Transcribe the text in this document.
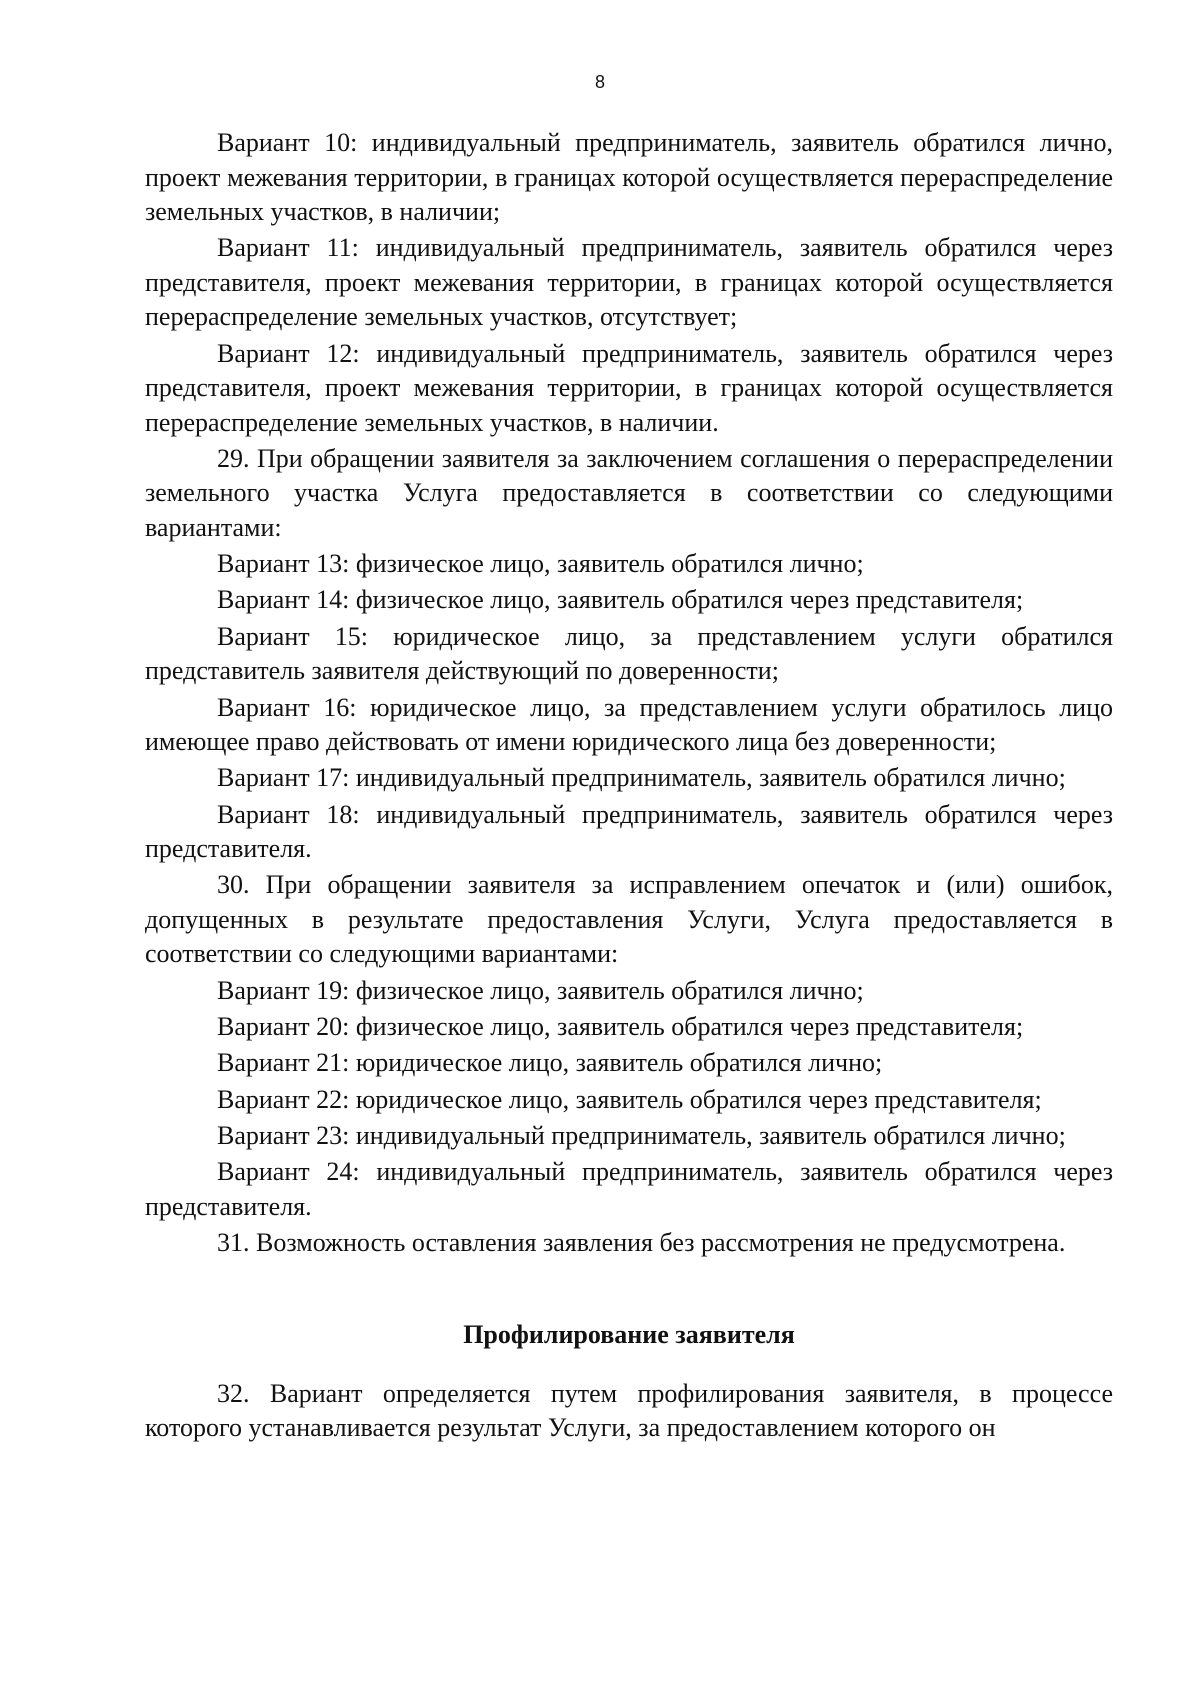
8

Вариант 10: индивидуальный предприниматель, заявитель обратился лично, проект межевания территории, в границах которой осуществляется перераспределение земельных участков, в наличии;

Вариант 11: индивидуальный предприниматель, заявитель обратился через представителя, проект межевания территории, в границах которой осуществляется перераспределение земельных участков, отсутствует;

Вариант 12: индивидуальный предприниматель, заявитель обратился через представителя, проект межевания территории, в границах которой осуществляется перераспределение земельных участков, в наличии.

29. При обращении заявителя за заключением соглашения о перераспределении земельного участка Услуга предоставляется в соответствии со следующими вариантами:

Вариант 13: физическое лицо, заявитель обратился лично;

Вариант 14: физическое лицо, заявитель обратился через представителя;

Вариант 15: юридическое лицо, за представлением услуги обратился представитель заявителя действующий по доверенности;

Вариант 16: юридическое лицо, за представлением услуги обратилось лицо имеющее право действовать от имени юридического лица без доверенности;

Вариант 17: индивидуальный предприниматель, заявитель обратился лично;

Вариант 18: индивидуальный предприниматель, заявитель обратился через представителя.

30. При обращении заявителя за исправлением опечаток и (или) ошибок, допущенных в результате предоставления Услуги, Услуга предоставляется в соответствии со следующими вариантами:

Вариант 19: физическое лицо, заявитель обратился лично;

Вариант 20: физическое лицо, заявитель обратился через представителя;

Вариант 21: юридическое лицо, заявитель обратился лично;

Вариант 22: юридическое лицо, заявитель обратился через представителя;

Вариант 23: индивидуальный предприниматель, заявитель обратился лично;

Вариант 24: индивидуальный предприниматель, заявитель обратился через представителя.

31. Возможность оставления заявления без рассмотрения не предусмотрена.

Профилирование заявителя

32. Вариант определяется путем профилирования заявителя, в процессе которого устанавливается результат Услуги, за предоставлением которого он
